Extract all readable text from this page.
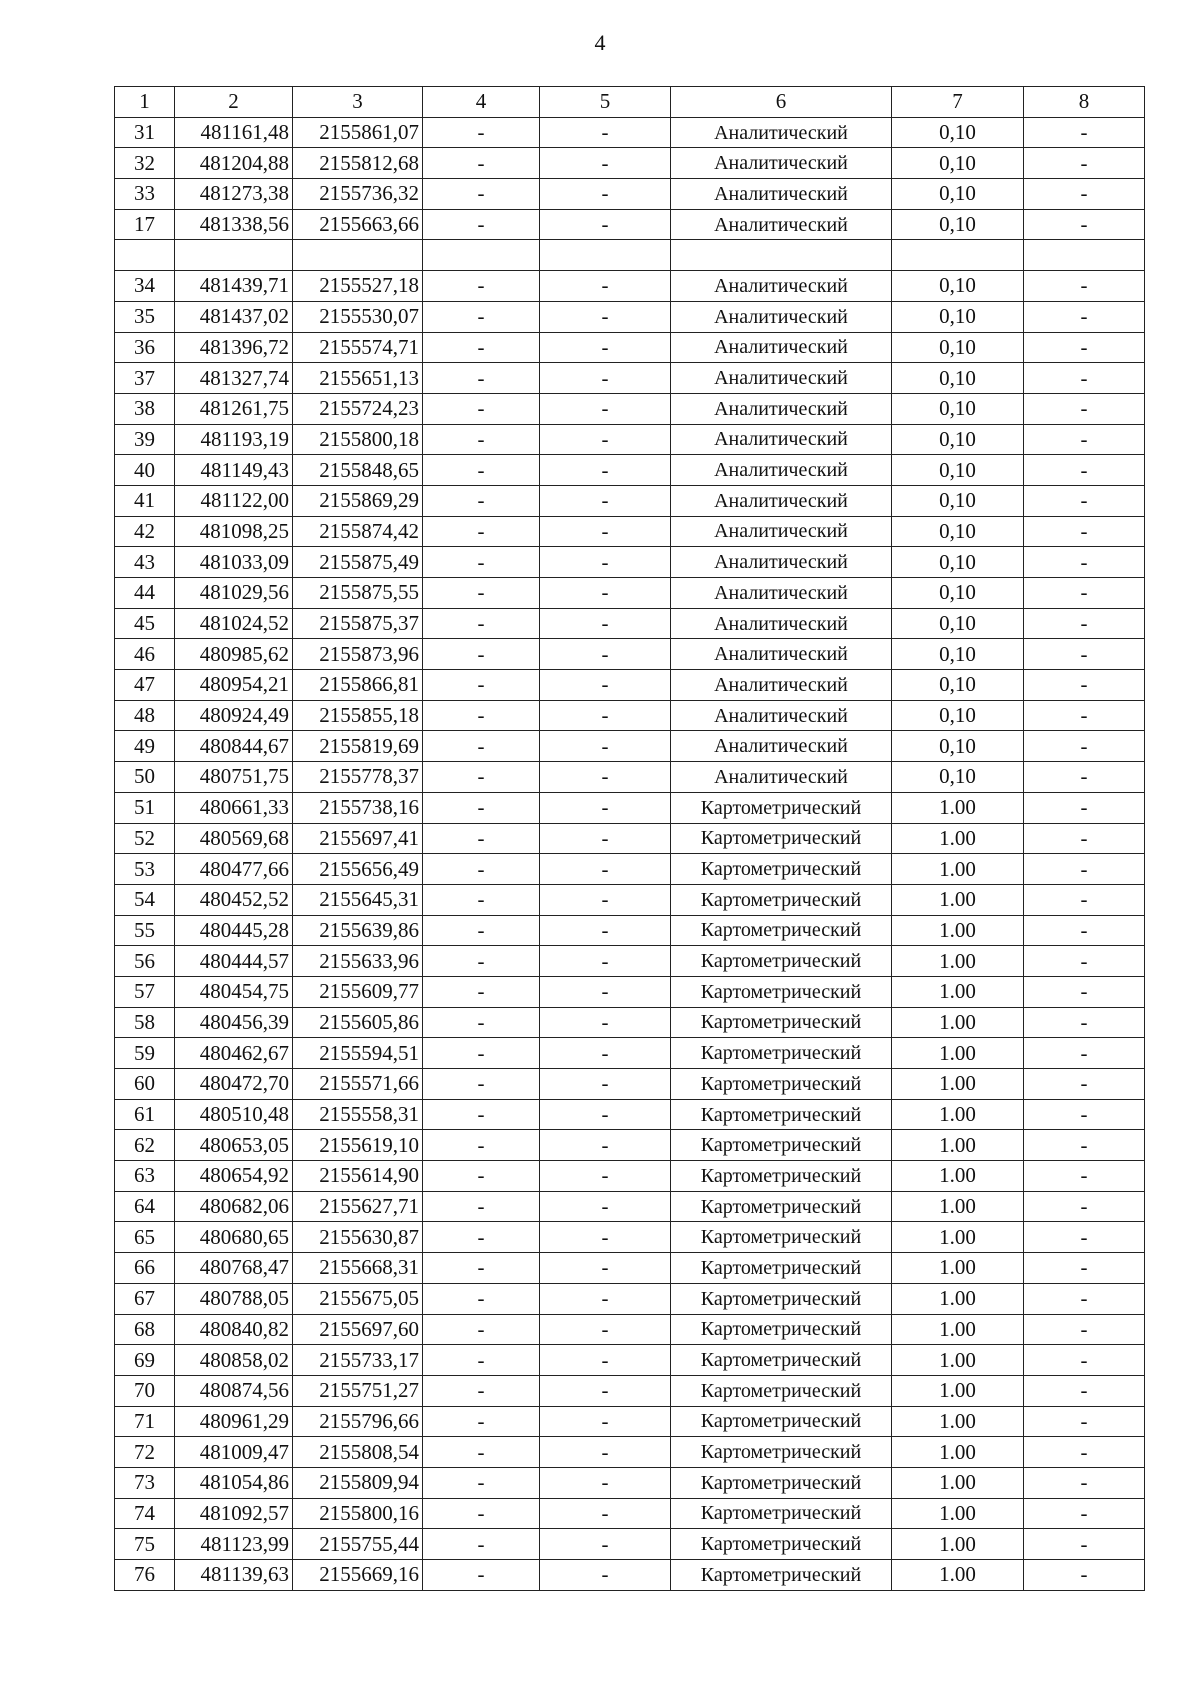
4
1	2	3	4	5	6	7	8
31	481161,48	2155861,07	-	-	Аналитический	0,10	-
32	481204,88	2155812,68	-	-	Аналитический	0,10	-
33	481273,38	2155736,32	-	-	Аналитический	0,10	-
17	481338,56	2155663,66	-	-	Аналитический	0,10	-

34	481439,71	2155527,18	-	-	Аналитический	0,10	-
35	481437,02	2155530,07	-	-	Аналитический	0,10	-
36	481396,72	2155574,71	-	-	Аналитический	0,10	-
37	481327,74	2155651,13	-	-	Аналитический	0,10	-
38	481261,75	2155724,23	-	-	Аналитический	0,10	-
39	481193,19	2155800,18	-	-	Аналитический	0,10	-
40	481149,43	2155848,65	-	-	Аналитический	0,10	-
41	481122,00	2155869,29	-	-	Аналитический	0,10	-
42	481098,25	2155874,42	-	-	Аналитический	0,10	-
43	481033,09	2155875,49	-	-	Аналитический	0,10	-
44	481029,56	2155875,55	-	-	Аналитический	0,10	-
45	481024,52	2155875,37	-	-	Аналитический	0,10	-
46	480985,62	2155873,96	-	-	Аналитический	0,10	-
47	480954,21	2155866,81	-	-	Аналитический	0,10	-
48	480924,49	2155855,18	-	-	Аналитический	0,10	-
49	480844,67	2155819,69	-	-	Аналитический	0,10	-
50	480751,75	2155778,37	-	-	Аналитический	0,10	-
51	480661,33	2155738,16	-	-	Картометрический	1.00	-
52	480569,68	2155697,41	-	-	Картометрический	1.00	-
53	480477,66	2155656,49	-	-	Картометрический	1.00	-
54	480452,52	2155645,31	-	-	Картометрический	1.00	-
55	480445,28	2155639,86	-	-	Картометрический	1.00	-
56	480444,57	2155633,96	-	-	Картометрический	1.00	-
57	480454,75	2155609,77	-	-	Картометрический	1.00	-
58	480456,39	2155605,86	-	-	Картометрический	1.00	-
59	480462,67	2155594,51	-	-	Картометрический	1.00	-
60	480472,70	2155571,66	-	-	Картометрический	1.00	-
61	480510,48	2155558,31	-	-	Картометрический	1.00	-
62	480653,05	2155619,10	-	-	Картометрический	1.00	-
63	480654,92	2155614,90	-	-	Картометрический	1.00	-
64	480682,06	2155627,71	-	-	Картометрический	1.00	-
65	480680,65	2155630,87	-	-	Картометрический	1.00	-
66	480768,47	2155668,31	-	-	Картометрический	1.00	-
67	480788,05	2155675,05	-	-	Картометрический	1.00	-
68	480840,82	2155697,60	-	-	Картометрический	1.00	-
69	480858,02	2155733,17	-	-	Картометрический	1.00	-
70	480874,56	2155751,27	-	-	Картометрический	1.00	-
71	480961,29	2155796,66	-	-	Картометрический	1.00	-
72	481009,47	2155808,54	-	-	Картометрический	1.00	-
73	481054,86	2155809,94	-	-	Картометрический	1.00	-
74	481092,57	2155800,16	-	-	Картометрический	1.00	-
75	481123,99	2155755,44	-	-	Картометрический	1.00	-
76	481139,63	2155669,16	-	-	Картометрический	1.00	-
